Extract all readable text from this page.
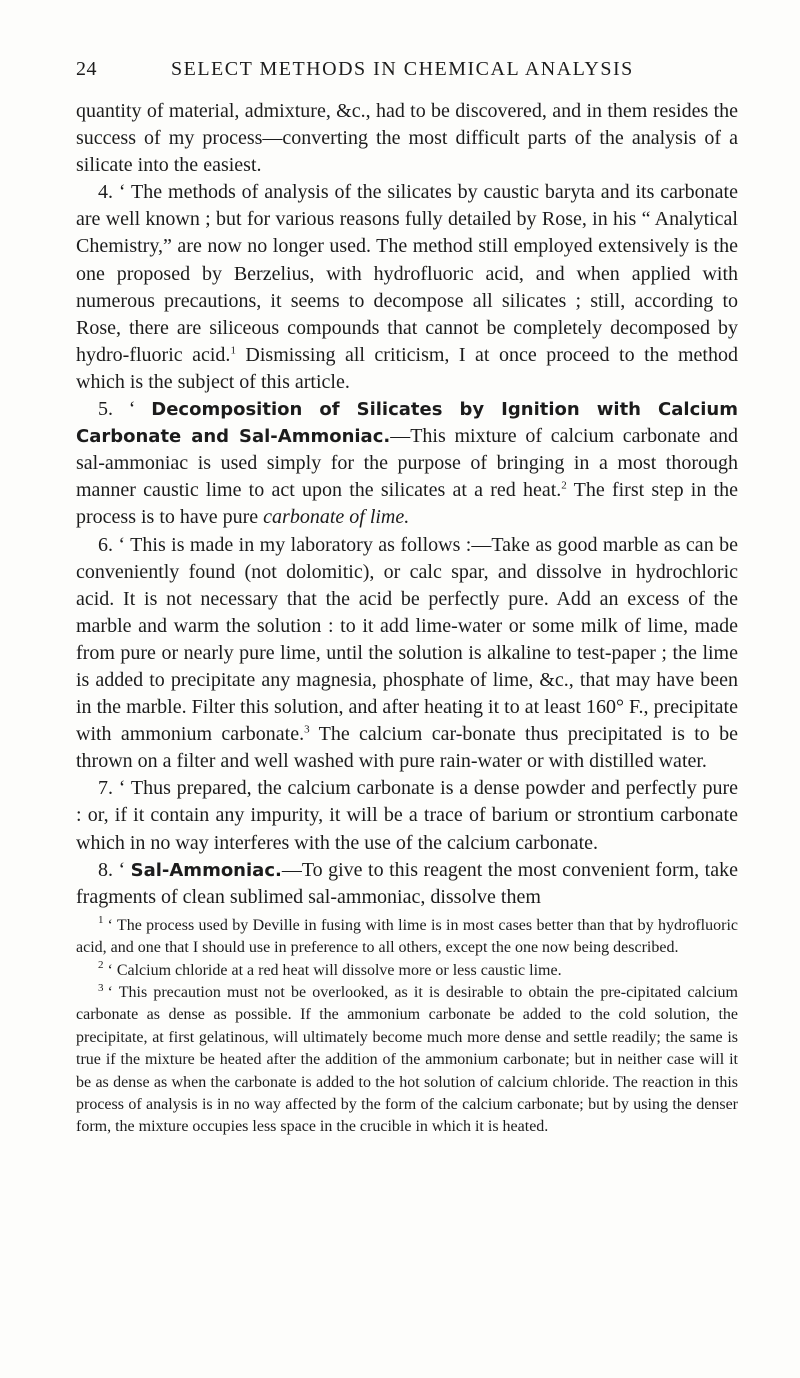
24	SELECT METHODS IN CHEMICAL ANALYSIS

quantity of material, admixture, &c., had to be discovered, and in them resides the success of my process—converting the most difficult parts of the analysis of a silicate into the easiest.

4. ‘ The methods of analysis of the silicates by caustic baryta and its carbonate are well known ; but for various reasons fully detailed by Rose, in his “ Analytical Chemistry,” are now no longer used. The method still employed extensively is the one proposed by Berzelius, with hydrofluoric acid, and when applied with numerous precautions, it seems to decompose all silicates ; still, according to Rose, there are siliceous compounds that cannot be completely decomposed by hydro-fluoric acid.$^1$ Dismissing all criticism, I at once proceed to the method which is the subject of this article.

5. ‘ Decomposition of Silicates by Ignition with Calcium Carbonate and Sal-Ammoniac.—This mixture of calcium carbonate and sal-ammoniac is used simply for the purpose of bringing in a most thorough manner caustic lime to act upon the silicates at a red heat.$^2$ The first step in the process is to have pure carbonate of lime.

6. ‘ This is made in my laboratory as follows :—Take as good marble as can be conveniently found (not dolomitic), or calc spar, and dissolve in hydrochloric acid. It is not necessary that the acid be perfectly pure. Add an excess of the marble and warm the solution : to it add lime-water or some milk of lime, made from pure or nearly pure lime, until the solution is alkaline to test-paper ; the lime is added to precipitate any magnesia, phosphate of lime, &c., that may have been in the marble. Filter this solution, and after heating it to at least 160° F., precipitate with ammonium carbonate.$^3$ The calcium car-bonate thus precipitated is to be thrown on a filter and well washed with pure rain-water or with distilled water.

7. ‘ Thus prepared, the calcium carbonate is a dense powder and perfectly pure : or, if it contain any impurity, it will be a trace of barium or strontium carbonate which in no way interferes with the use of the calcium carbonate.

8. ‘ Sal-Ammoniac.—To give to this reagent the most convenient form, take fragments of clean sublimed sal-ammoniac, dissolve them

$^1$ ‘ The process used by Deville in fusing with lime is in most cases better than that by hydrofluoric acid, and one that I should use in preference to all others, except the one now being described.

$^2$ ‘ Calcium chloride at a red heat will dissolve more or less caustic lime.

$^3$ ‘ This precaution must not be overlooked, as it is desirable to obtain the pre-cipitated calcium carbonate as dense as possible. If the ammonium carbonate be added to the cold solution, the precipitate, at first gelatinous, will ultimately become much more dense and settle readily; the same is true if the mixture be heated after the addition of the ammonium carbonate; but in neither case will it be as dense as when the carbonate is added to the hot solution of calcium chloride. The reaction in this process of analysis is in no way affected by the form of the calcium carbonate; but by using the denser form, the mixture occupies less space in the crucible in which it is heated.
